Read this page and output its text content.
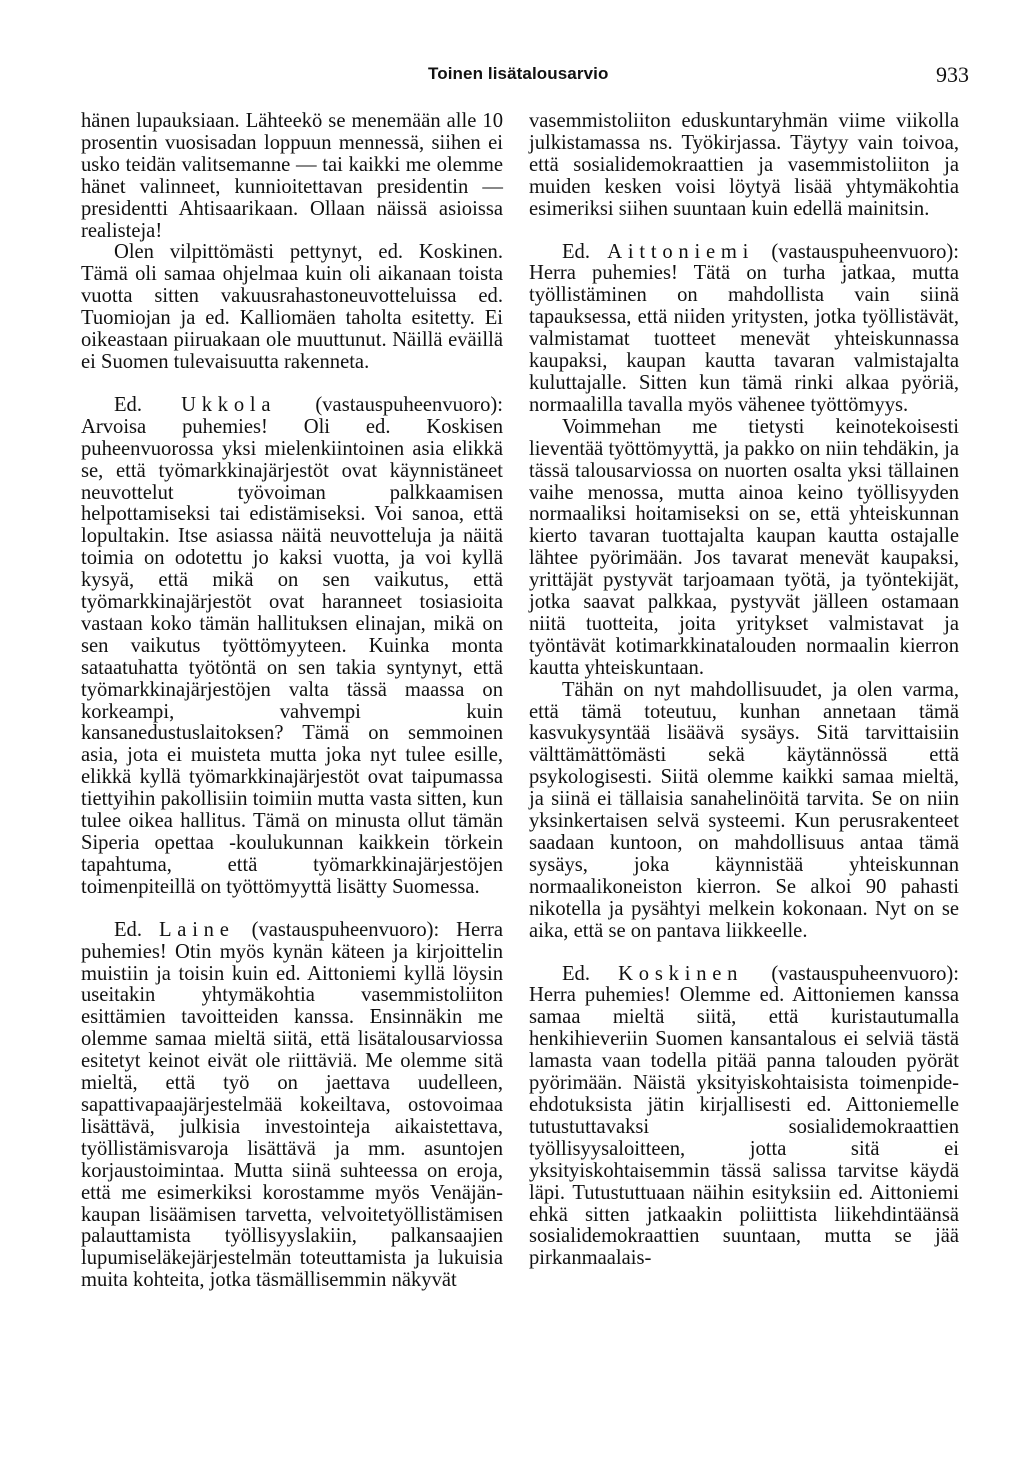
Toinen lisätalousarvio	933

hänen lupauksiaan. Lähteekö se menemään alle 10 prosentin vuosisadan loppuun mennessä, siihen ei usko teidän valitsemanne — tai kaikki me olemme hänet valinneet, kunnioitettavan presidentin — presidentti Ahtisaarikaan. Ollaan näissä asioissa realisteja!

Olen vilpittömästi pettynyt, ed. Koskinen. Tämä oli samaa ohjelmaa kuin oli aikanaan toista vuotta sitten vakuusrahastoneuvotteluissa ed. Tuomiojan ja ed. Kalliomäen taholta esitetty. Ei oikeastaan piiruakaan ole muuttunut. Näillä eväillä ei Suomen tulevaisuutta rakenneta.

Ed. Ukkola (vastauspuheenvuoro): Arvoisa puhemies! Oli ed. Koskisen puheenvuorossa yksi mielenkiintoinen asia elikkä se, että työmarkkinajärjestöt ovat käynnistäneet neuvottelut työvoiman palkkaamisen helpottamiseksi tai edistämiseksi. Voi sanoa, että lopultakin. Itse asiassa näitä neuvotteluja ja näitä toimia on odotettu jo kaksi vuotta, ja voi kyllä kysyä, että mikä on sen vaikutus, että työmarkkinajärjestöt ovat haranneet tosiasioita vastaan koko tämän hallituksen elinajan, mikä on sen vaikutus työttömyyteen. Kuinka monta sataatuhatta työtöntä on sen takia syntynyt, että työmarkkinajärjestöjen valta tässä maassa on korkeampi, vahvempi kuin kansanedustuslaitoksen? Tämä on semmoinen asia, jota ei muisteta mutta joka nyt tulee esille, elikkä kyllä työmarkkinajärjestöt ovat taipumassa tiettyihin pakollisiin toimiin mutta vasta sitten, kun tulee oikea hallitus. Tämä on minusta ollut tämän Siperia opettaa -koulukunnan kaikkein törkein tapahtuma, että työmarkkinajärjestöjen toimenpiteillä on työttömyyttä lisätty Suomessa.

Ed. Laine (vastauspuheenvuoro): Herra puhemies! Otin myös kynän käteen ja kirjoittelin muistiin ja toisin kuin ed. Aittoniemi kyllä löysin useitakin yhtymäkohtia vasemmistoliiton esittämien tavoitteiden kanssa. Ensinnäkin me olemme samaa mieltä siitä, että lisätalousarviossa esitetyt keinot eivät ole riittäviä. Me olemme sitä mieltä, että työ on jaettava uudelleen, sapattivapaajärjestelmää kokeiltava, ostovoimaa lisättävä, julkisia investointeja aikaistettava, työllistämisvaroja lisättävä ja mm. asuntojen korjaustoimintaa. Mutta siinä suhteessa on eroja, että me esimerkiksi korostamme myös Venäjän-kaupan lisäämisen tarvetta, velvoitetyöllistämisen palauttamista työllisyyslakiin, palkansaajien lupumiseläkejärjestelmän toteuttamista ja lukuisia muita kohteita, jotka täsmällisemmin näkyvät

vasemmistoliiton eduskuntaryhmän viime viikolla julkistamassa ns. Työkirjassa. Täytyy vain toivoa, että sosialidemokraattien ja vasemmistoliiton ja muiden kesken voisi löytyä lisää yhtymäkohtia esimeriksi siihen suuntaan kuin edellä mainitsin.

Ed. Aittoniemi (vastauspuheenvuoro): Herra puhemies! Tätä on turha jatkaa, mutta työllistäminen on mahdollista vain siinä tapauksessa, että niiden yritysten, jotka työllistävät, valmistamat tuotteet menevät yhteiskunnassa kaupaksi, kaupan kautta tavaran valmistajalta kuluttajalle. Sitten kun tämä rinki alkaa pyöriä, normaalilla tavalla myös vähenee työttömyys.

Voimmehan me tietysti keinotekoisesti lieventää työttömyyttä, ja pakko on niin tehdäkin, ja tässä talousarviossa on nuorten osalta yksi tällainen vaihe menossa, mutta ainoa keino työllisyyden normaaliksi hoitamiseksi on se, että yhteiskunnan kierto tavaran tuottajalta kaupan kautta ostajalle lähtee pyörimään. Jos tavarat menevät kaupaksi, yrittäjät pystyvät tarjoamaan työtä, ja työntekijät, jotka saavat palkkaa, pystyvät jälleen ostamaan niitä tuotteita, joita yritykset valmistavat ja työntävät kotimarkkinatalouden normaalin kierron kautta yhteiskuntaan.

Tähän on nyt mahdollisuudet, ja olen varma, että tämä toteutuu, kunhan annetaan tämä kasvukysyntää lisäävä sysäys. Sitä tarvittaisiin välttämättömästi sekä käytännössä että psykologisesti. Siitä olemme kaikki samaa mieltä, ja siinä ei tällaisia sanahelinöitä tarvita. Se on niin yksinkertaisen selvä systeemi. Kun perusrakenteet saadaan kuntoon, on mahdollisuus antaa tämä sysäys, joka käynnistää yhteiskunnan normaalikoneiston kierron. Se alkoi 90 pahasti nikotella ja pysähtyi melkein kokonaan. Nyt on se aika, että se on pantava liikkeelle.

Ed. Koskinen (vastauspuheenvuoro): Herra puhemies! Olemme ed. Aittoniemen kanssa samaa mieltä siitä, että kuristautumalla henkihieveriin Suomen kansantalous ei selviä tästä lamasta vaan todella pitää panna talouden pyörät pyörimään. Näistä yksityiskohtaisista toimenpide-ehdotuksista jätin kirjallisesti ed. Aittoniemelle tutustuttavaksi sosialidemokraattien työllisyysaloitteen, jotta sitä ei yksityiskohtaisemmin tässä salissa tarvitse käydä läpi. Tutustuttuaan näihin esityksiin ed. Aittoniemi ehkä sitten jatkaakin poliittista liikehdintäänsä sosialidemokraattien suuntaan, mutta se jää pirkanmaalais-
